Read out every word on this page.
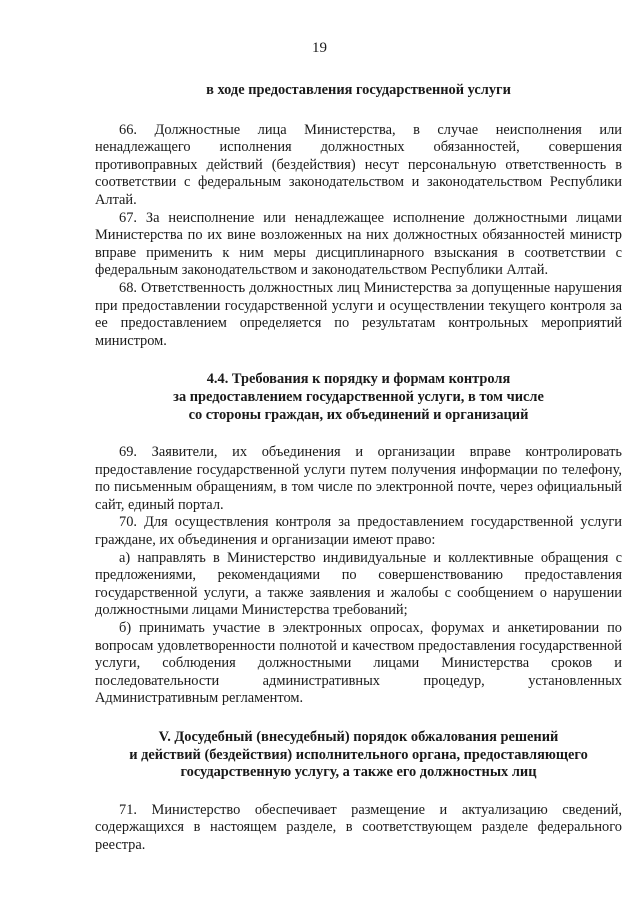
19
в ходе предоставления государственной услуги

66. Должностные лица Министерства, в случае неисполнения или ненадлежащего исполнения должностных обязанностей, совершения противоправных действий (бездействия) несут персональную ответственность в соответствии с федеральным законодательством и законодательством Республики Алтай.

67. За неисполнение или ненадлежащее исполнение должностными лицами Министерства по их вине возложенных на них должностных обязанностей министр вправе применить к ним меры дисциплинарного взыскания в соответствии с федеральным законодательством и законодательством Республики Алтай.

68. Ответственность должностных лиц Министерства за допущенные нарушения при предоставлении государственной услуги и осуществлении текущего контроля за ее предоставлением определяется по результатам контрольных мероприятий министром.

4.4. Требования к порядку и формам контроля
за предоставлением государственной услуги, в том числе
со стороны граждан, их объединений и организаций

69. Заявители, их объединения и организации вправе контролировать предоставление государственной услуги путем получения информации по телефону, по письменным обращениям, в том числе по электронной почте, через официальный сайт, единый портал.

70. Для осуществления контроля за предоставлением государственной услуги граждане, их объединения и организации имеют право:

а) направлять в Министерство индивидуальные и коллективные обращения с предложениями, рекомендациями по совершенствованию предоставления государственной услуги, а также заявления и жалобы с сообщением о нарушении должностными лицами Министерства требований;

б) принимать участие в электронных опросах, форумах и анкетировании по вопросам удовлетворенности полнотой и качеством предоставления государственной услуги, соблюдения должностными лицами Министерства сроков и последовательности административных процедур, установленных Административным регламентом.

V. Досудебный (внесудебный) порядок обжалования решений
и действий (бездействия) исполнительного органа, предоставляющего
государственную услугу, а также его должностных лиц

71. Министерство обеспечивает размещение и актуализацию сведений, содержащихся в настоящем разделе, в соответствующем разделе федерального реестра.
